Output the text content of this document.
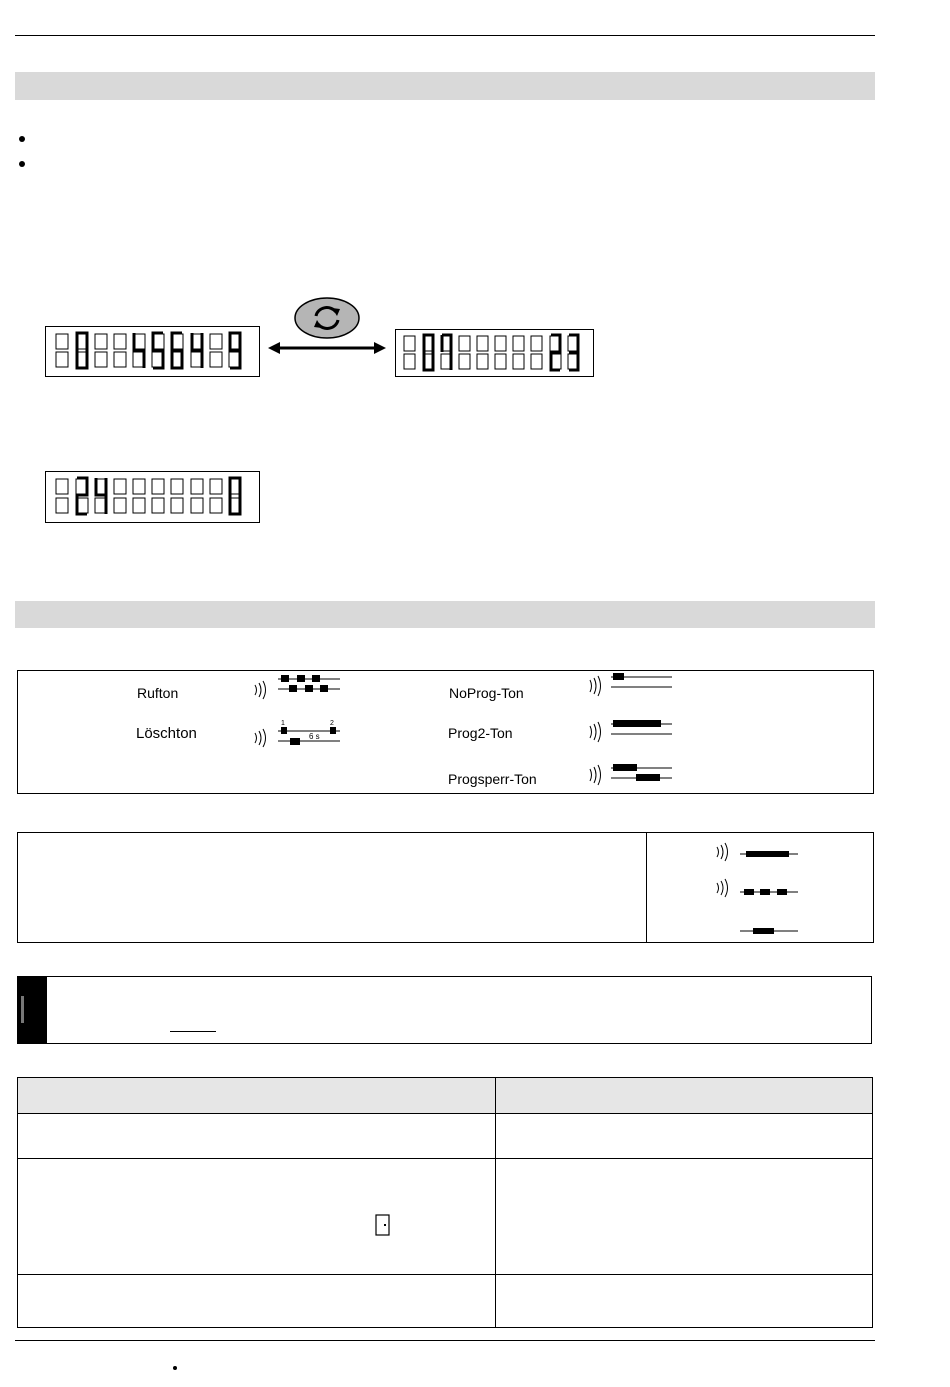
Rufton
Löschton
NoProg-Ton
Prog2-Ton
Progsperr-Ton
1	2
6 s
